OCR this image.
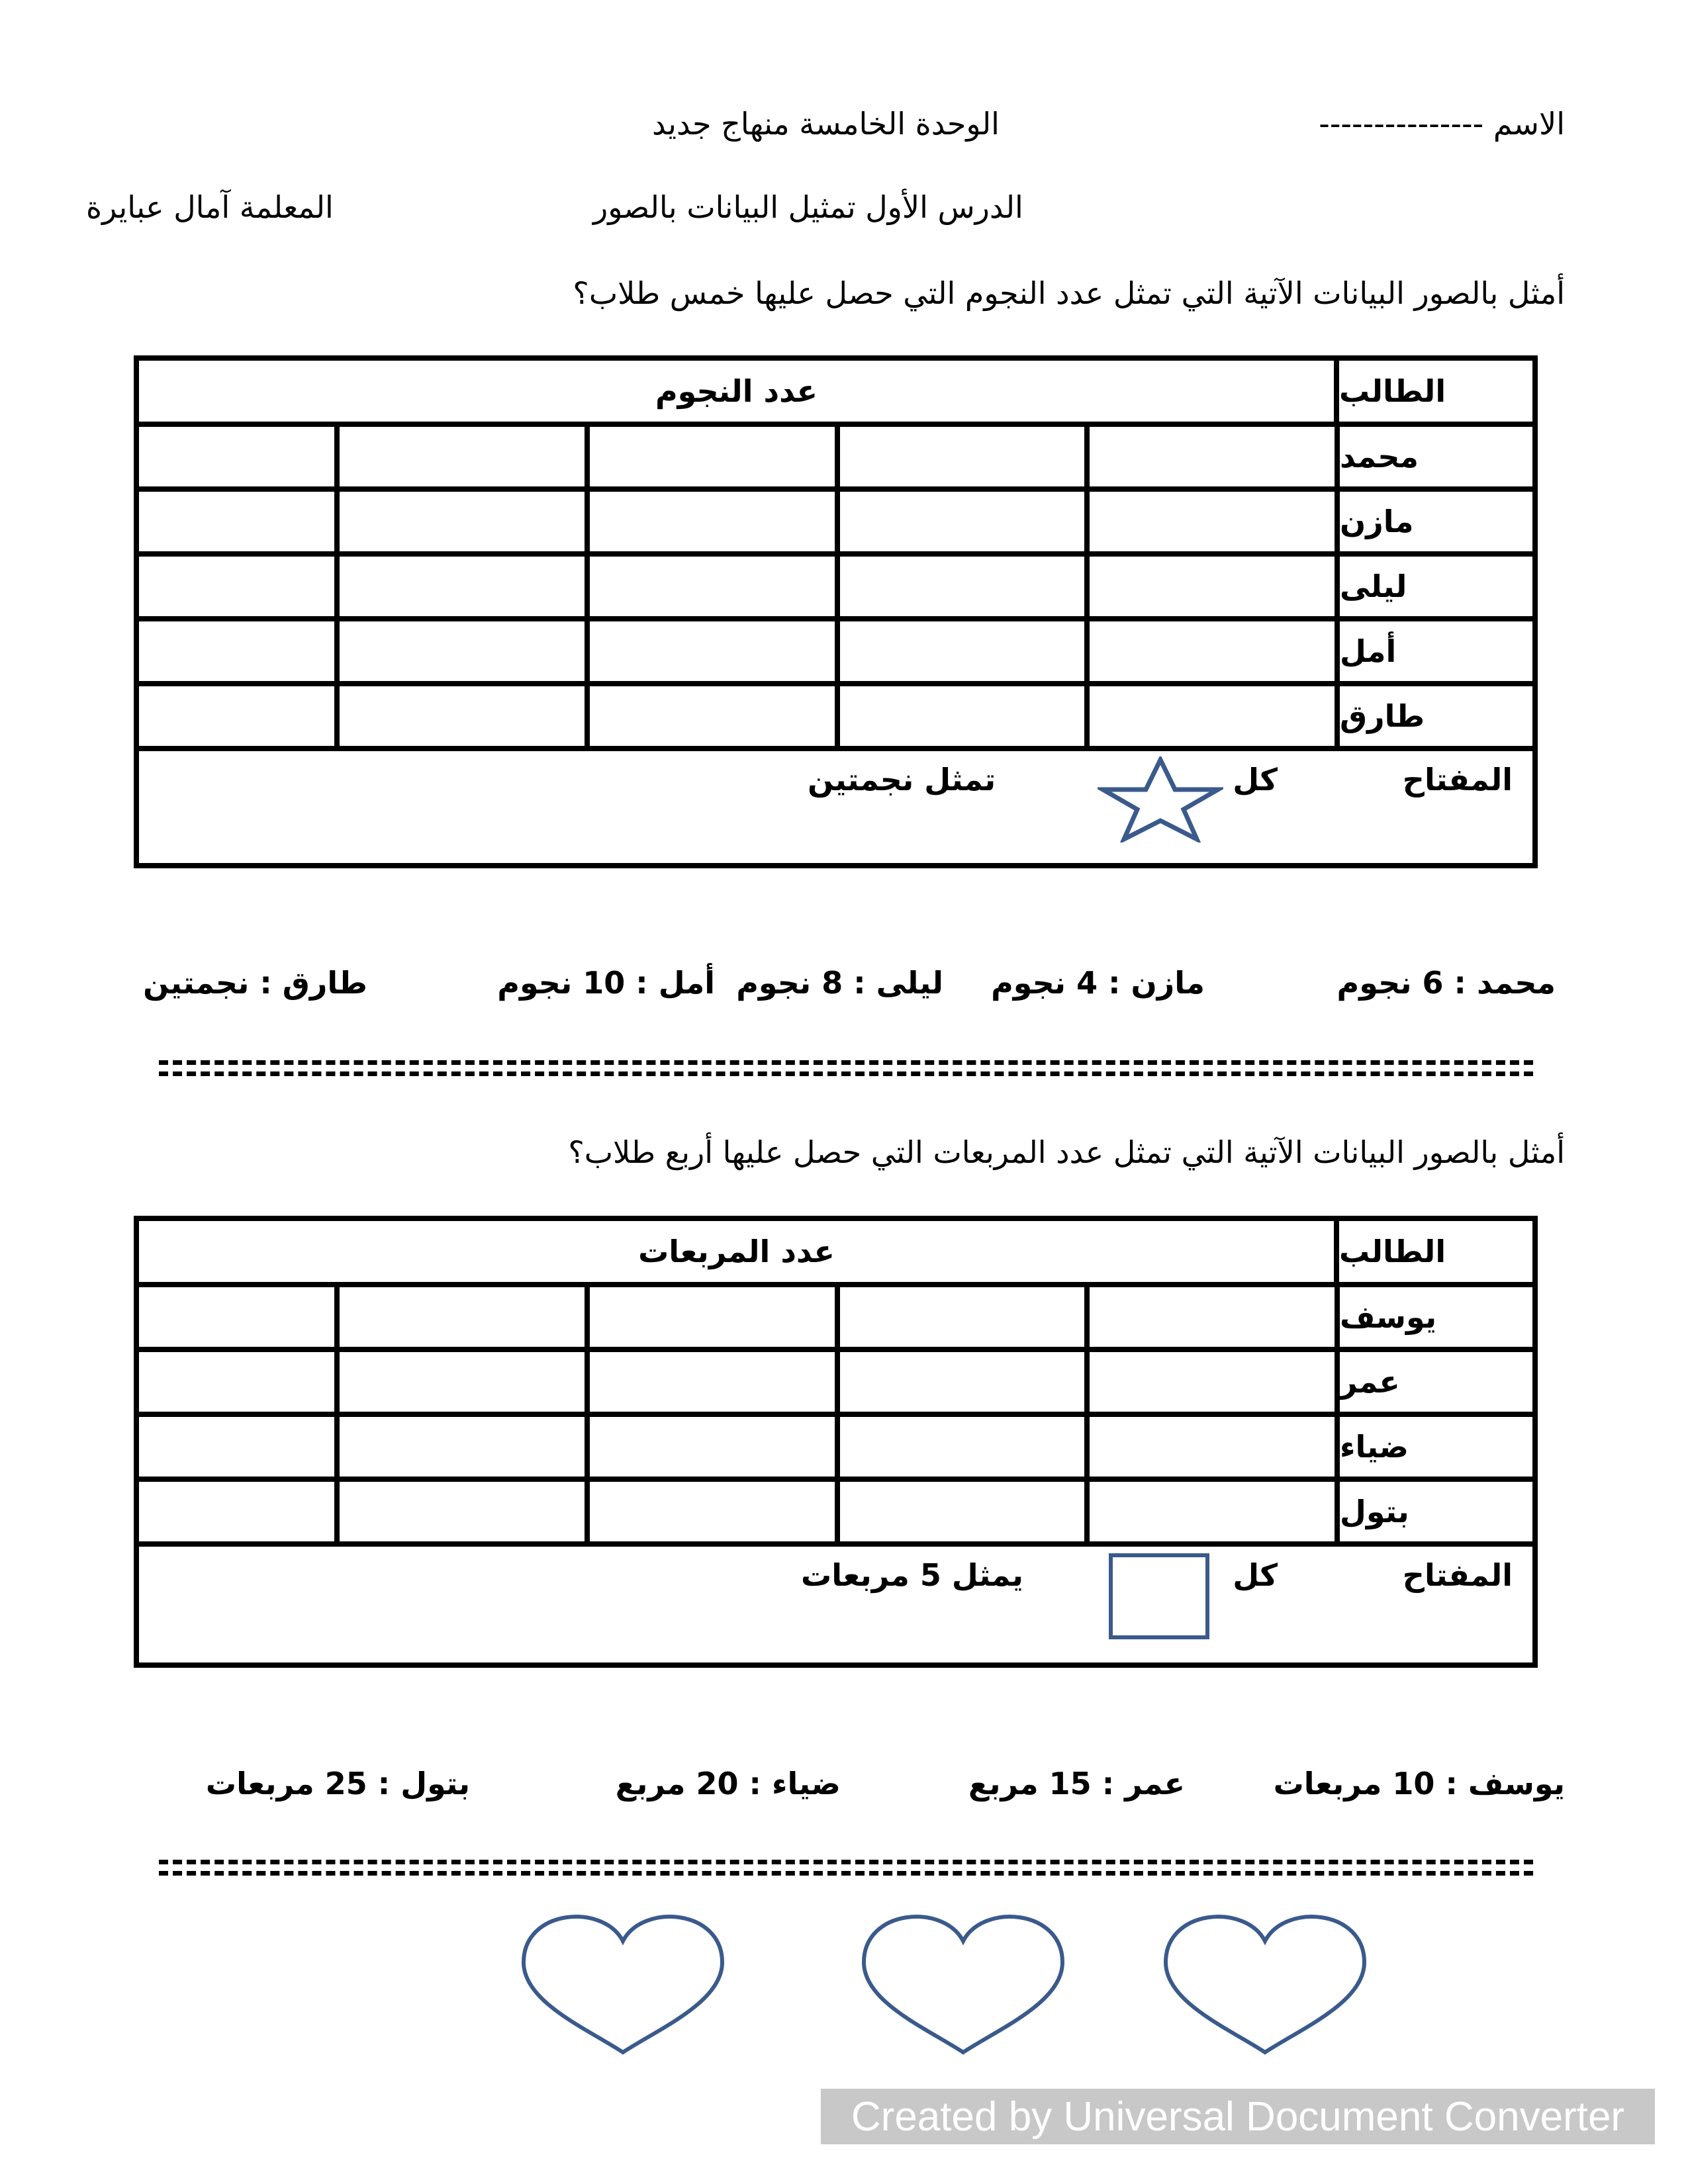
الاسم ---------------
الوحدة الخامسة منهاج جديد
الدرس الأول تمثيل البيانات بالصور
المعلمة آمال عبايرة
أمثل بالصور البيانات الآتية التي تمثل عدد النجوم التي حصل عليها خمس طلاب؟
الطالب
عدد النجوم
محمد
مازن
ليلى
أمل
طارق
المفتاح
كل
تمثل نجمتين
محمد : 6 نجوم
مازن : 4 نجوم
ليلى : 8 نجوم
أمل : 10 نجوم
طارق : نجمتين
أمثل بالصور البيانات الآتية التي تمثل عدد المربعات التي حصل عليها أربع طلاب؟
الطالب
عدد المربعات
يوسف
عمر
ضياء
بتول
المفتاح
كل
يمثل 5 مربعات
يوسف : 10 مربعات
عمر : 15 مربع
ضياء : 20 مربع
بتول : 25 مربعات
Created by Universal Document Converter
